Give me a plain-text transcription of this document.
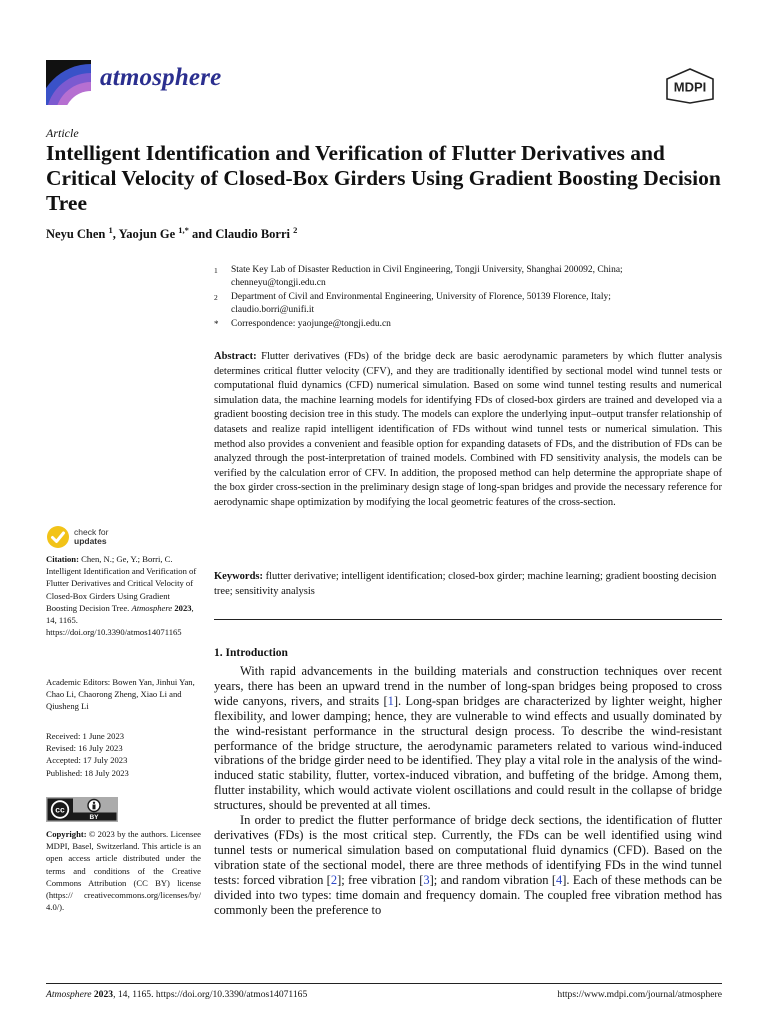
atmosphere	MDPI
Article
Intelligent Identification and Verification of Flutter Derivatives and Critical Velocity of Closed-Box Girders Using Gradient Boosting Decision Tree
Neyu Chen $^1$, Yaojun Ge $^{1,*}$ and Claudio Borri $^2$
1	State Key Lab of Disaster Reduction in Civil Engineering, Tongji University, Shanghai 200092, China;
chenneyu@tongji.edu.cn
2	Department of Civil and Environmental Engineering, University of Florence, 50139 Florence, Italy;
claudio.borri@unifi.it
*	Correspondence: yaojunge@tongji.edu.cn
Abstract: Flutter derivatives (FDs) of the bridge deck are basic aerodynamic parameters by which flutter analysis determines critical flutter velocity (CFV), and they are traditionally identified by sectional model wind tunnel tests or computational fluid dynamics (CFD) numerical simulation. Based on some wind tunnel testing results and numerical simulation data, the machine learning models for identifying FDs of closed-box girders are trained and developed via a gradient boosting decision tree in this study. The models can explore the underlying input–output transfer relationship of datasets and realize rapid intelligent identification of FDs without wind tunnel tests or numerical simulation. This method also provides a convenient and feasible option for expanding datasets of FDs, and the distribution of FDs can be analyzed through the post-interpretation of trained models. Combined with FD sensitivity analysis, the models can be verified by the calculation error of CFV. In addition, the proposed method can help determine the appropriate shape of the box girder cross-section in the preliminary design stage of long-span bridges and provide the necessary reference for aerodynamic shape optimization by modifying the local geometric features of the cross-section.
Keywords: flutter derivative; intelligent identification; closed-box girder; machine learning; gradient boosting decision tree; sensitivity analysis
1. Introduction

With rapid advancements in the building materials and construction techniques over recent years, there has been an upward trend in the number of long-span bridges being proposed to cross wide canyons, rivers, and straits [1]. Long-span bridges are characterized by lighter weight, higher flexibility, and lower damping; hence, they are vulnerable to wind effects and usually dominated by the wind-resistant performance in the structural design process. To describe the wind-resistant performance of the bridge structure, the aerodynamic parameters related to various wind-induced vibrations of the bridge girder need to be identified. They play a vital role in the analysis of the wind-induced static stability, flutter, vortex-induced vibration, and buffeting of the bridge. Among them, flutter instability, which would activate violent oscillations and could result in the collapse of bridge structures, should be prevented at all times.

In order to predict the flutter performance of bridge deck sections, the identification of flutter derivatives (FDs) is the most critical step. Currently, the FDs can be well identified using wind tunnel tests or numerical simulation based on computational fluid dynamics (CFD). Based on the vibration state of the sectional model, there are three methods of identifying FDs in the wind tunnel tests: forced vibration [2]; free vibration [3]; and random vibration [4]. Each of these methods can be divided into two types: time domain and frequency domain. The coupled free vibration method has commonly been the preference to

check for
updates
Citation: Chen, N.; Ge, Y.; Borri, C. Intelligent Identification and Verification of Flutter Derivatives and Critical Velocity of Closed-Box Girders Using Gradient Boosting Decision Tree. Atmosphere 2023, 14, 1165. https://doi.org/10.3390/atmos14071165
Academic Editors: Bowen Yan, Jinhui Yan, Chao Li, Chaorong Zheng, Xiao Li and Qiusheng Li
Received: 1 June 2023
Revised: 16 July 2023
Accepted: 17 July 2023
Published: 18 July 2023
cc
BY
Copyright: © 2023 by the authors. Licensee MDPI, Basel, Switzerland. This article is an open access article distributed under the terms and conditions of the Creative Commons Attribution (CC BY) license (https:// creativecommons.org/licenses/by/ 4.0/).
Atmosphere 2023, 14, 1165. https://doi.org/10.3390/atmos14071165	https://www.mdpi.com/journal/atmosphere
